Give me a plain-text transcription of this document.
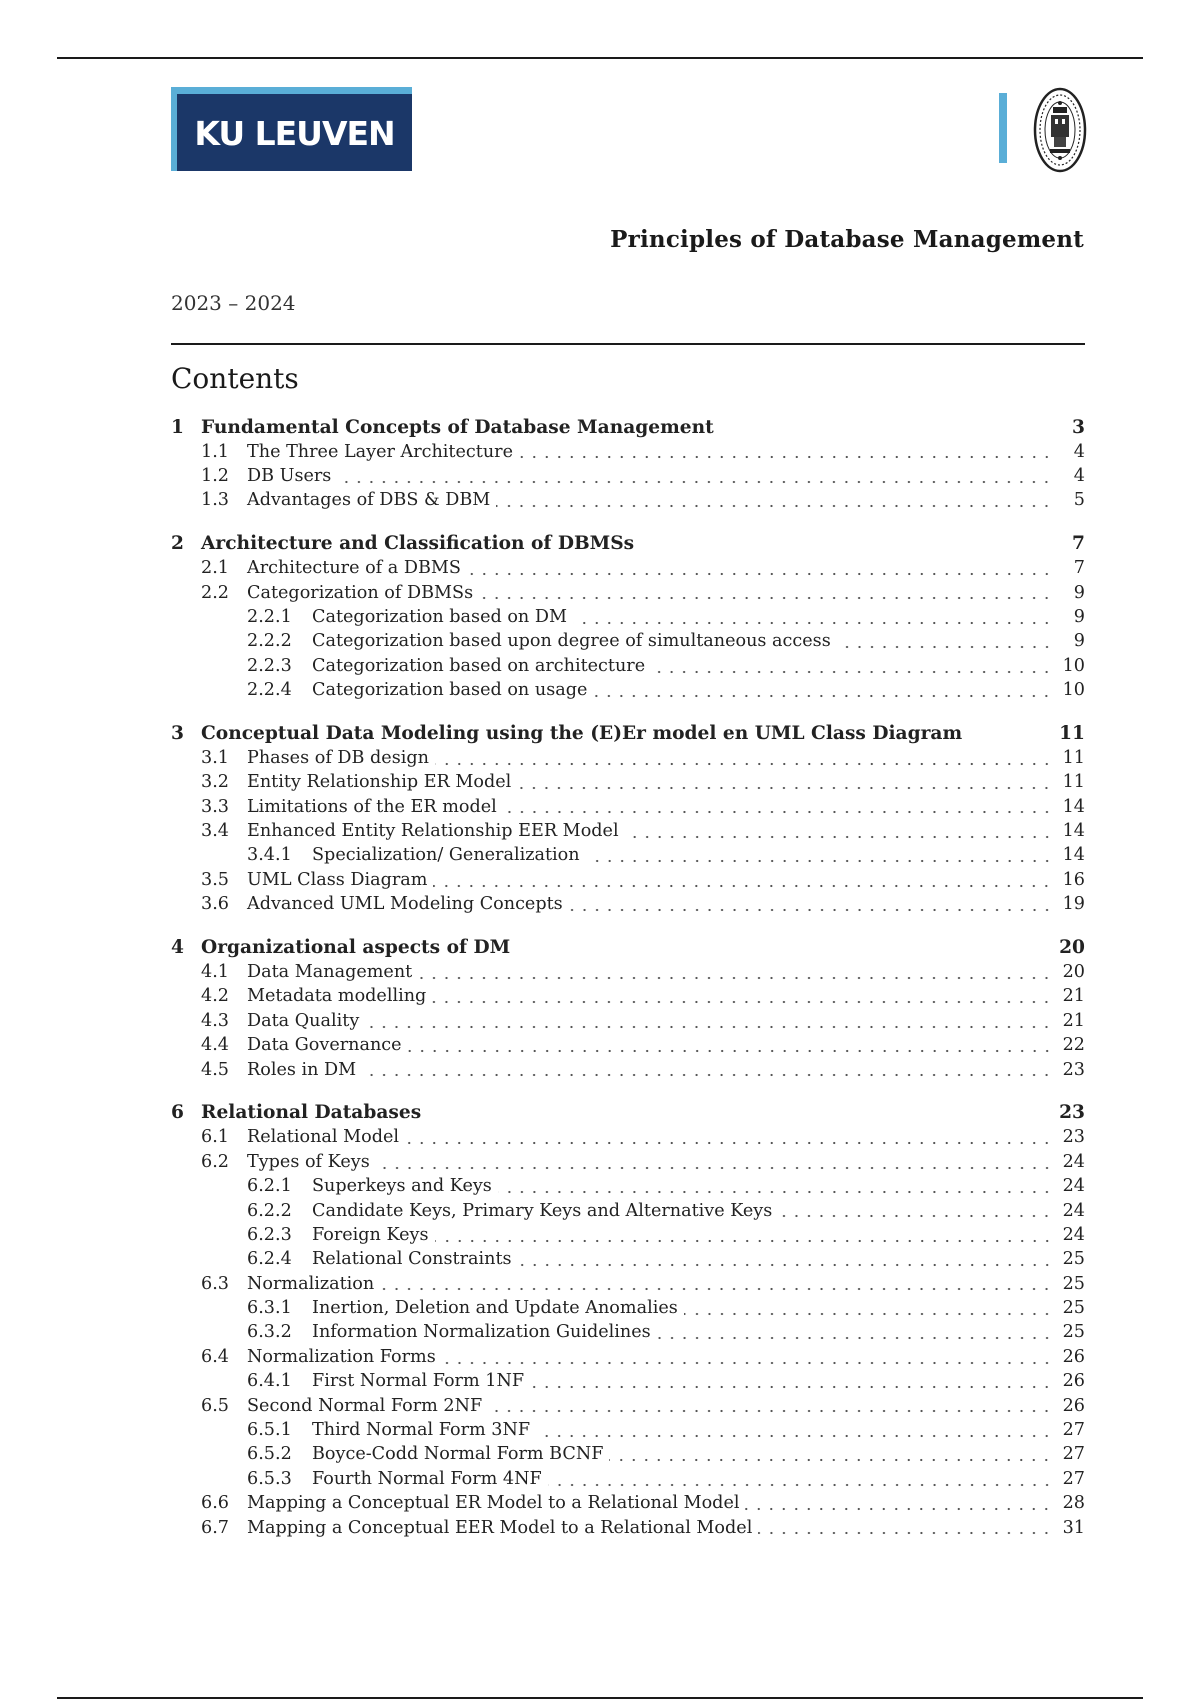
KU LEUVEN
Principles of Database Management
2023 – 2024
Contents
1 Fundamental Concepts of Database Management	3
1.1	The Three Layer Architecture	4
1.2	DB Users	4
1.3	Advantages of DBS & DBM	5
2 Architecture and Classification of DBMSs	7
2.1	Architecture of a DBMS	7
2.2	Categorization of DBMSs	9
2.2.1	Categorization based on DM	9
2.2.2	Categorization based upon degree of simultaneous access	9
2.2.3	Categorization based on architecture	10
2.2.4	Categorization based on usage	10
3 Conceptual Data Modeling using the (E)Er model en UML Class Diagram	11
3.1	Phases of DB design	11
3.2	Entity Relationship ER Model	11
3.3	Limitations of the ER model	14
3.4	Enhanced Entity Relationship EER Model	14
3.4.1	Specialization/ Generalization	14
3.5	UML Class Diagram	16
3.6	Advanced UML Modeling Concepts	19
4 Organizational aspects of DM	20
4.1	Data Management	20
4.2	Metadata modelling	21
4.3	Data Quality	21
4.4	Data Governance	22
4.5	Roles in DM	23
6 Relational Databases	23
6.1	Relational Model	23
6.2	Types of Keys	24
6.2.1	Superkeys and Keys	24
6.2.2	Candidate Keys, Primary Keys and Alternative Keys	24
6.2.3	Foreign Keys	24
6.2.4	Relational Constraints	25
6.3	Normalization	25
6.3.1	Inertion, Deletion and Update Anomalies	25
6.3.2	Information Normalization Guidelines	25
6.4	Normalization Forms	26
6.4.1	First Normal Form 1NF	26
6.5	Second Normal Form 2NF	26
6.5.1	Third Normal Form 3NF	27
6.5.2	Boyce-Codd Normal Form BCNF	27
6.5.3	Fourth Normal Form 4NF	27
6.6	Mapping a Conceptual ER Model to a Relational Model	28
6.7	Mapping a Conceptual EER Model to a Relational Model	31
